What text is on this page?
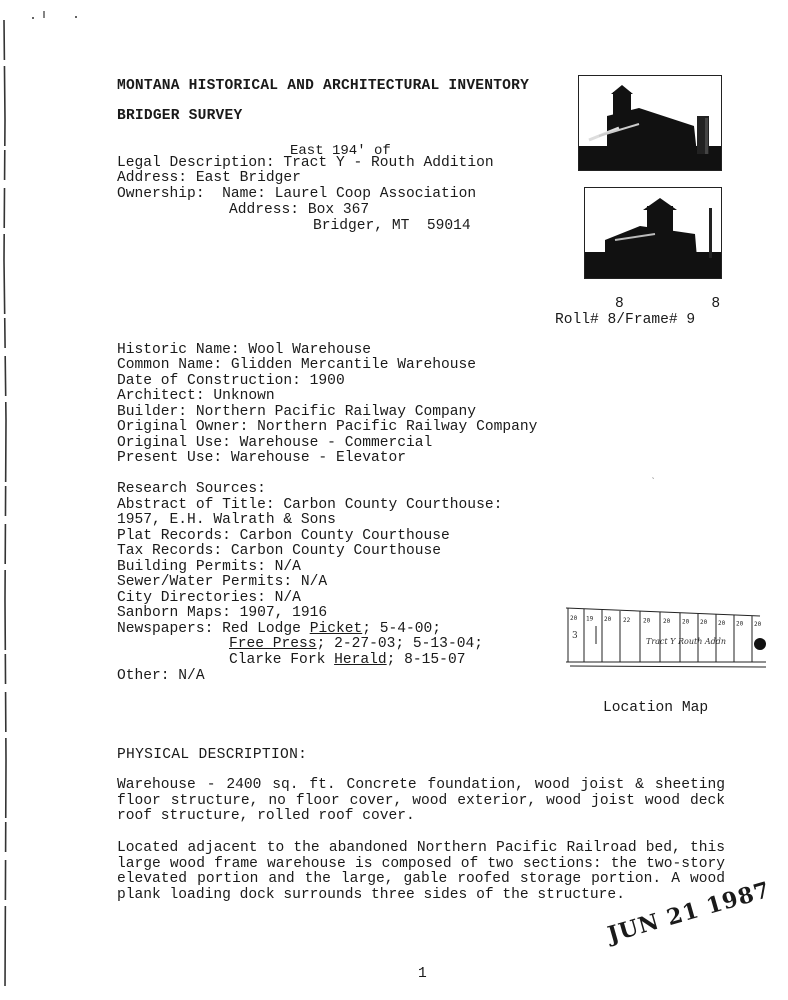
MONTANA HISTORICAL AND ARCHITECTURAL INVENTORY
BRIDGER SURVEY
East 194' of
Legal Description: Tract Y - Routh Addition
Address: East Bridger
Ownership: Name: Laurel Coop Association
Address: Box 367
Bridger, MT  59014
8          8
Roll# 8/Frame# 9
Historic Name: Wool Warehouse
Common Name: Glidden Mercantile Warehouse
Date of Construction: 1900
Architect: Unknown
Builder: Northern Pacific Railway Company
Original Owner: Northern Pacific Railway Company
Original Use: Warehouse - Commercial
Present Use: Warehouse - Elevator
Research Sources:
Abstract of Title: Carbon County Courthouse:
1957, E.H. Walrath & Sons
Plat Records: Carbon County Courthouse
Tax Records: Carbon County Courthouse
Building Permits: N/A
Sewer/Water Permits: N/A
City Directories: N/A
Sanborn Maps: 1907, 1916
Newspapers: Red Lodge Picket; 5-4-00;
Free Press; 2-27-03; 5-13-04;
Clarke Fork Herald; 8-15-07
Other: N/A
20 19 20 22 20 20 20 20 20 20 20
Tract Y Routh Addn
3
Location Map
PHYSICAL DESCRIPTION:
Warehouse - 2400 sq. ft. Concrete foundation, wood joist & sheeting floor structure, no floor cover, wood exterior, wood joist wood deck roof structure, rolled roof cover.
Located adjacent to the abandoned Northern Pacific Railroad bed, this large wood frame warehouse is composed of two sections: the two-story elevated portion and the large, gable roofed storage portion. A wood plank loading dock surrounds three sides of the structure.
JUN 21 1987
1
ˎ
